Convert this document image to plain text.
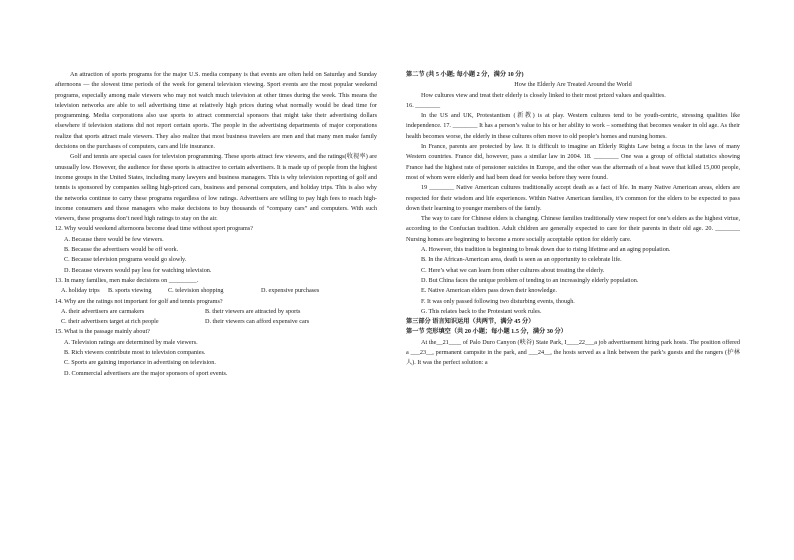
An attraction of sports programs for the major U.S. media company is that events are often held on Saturday and Sunday afternoons — the slowest time periods of the week for general television viewing. Sport events are the most popular weekend programs, especially among male viewers who may not watch much television at other times during the week. This means the television networks are able to sell advertising time at relatively high prices during what normally would be dead time for programming. Media corporations also use sports to attract commercial sponsors that might take their advertising dollars elsewhere if television stations did not report certain sports. The people in the advertising departments of major corporations realize that sports attract male viewers. They also realize that most business travelers are men and that many men make family decisions on the purchases of computers, cars and life insurance.

Golf and tennis are special cases for television programming. These sports attract few viewers, and the ratings(收视率) are unusually low. However, the audience for these sports is attractive to certain advertisers. It is made up of people from the highest income groups in the United States, including many lawyers and business managers. This is why television reporting of golf and tennis is sponsored by companies selling high-priced cars, business and personal computers, and holiday trips. This is also why the networks continue to carry these programs regardless of low ratings. Advertisers are willing to pay high fees to reach high-income consumers and those managers who make decisions to buy thousands of “company cars” and computers. With such viewers, these programs don’t need high ratings to stay on the air.

12. Why would weekend afternoons become dead time without sport programs?

A. Because there would be few viewers.

B. Because the advertisers would be off work.

C. Because television programs would go slowly.

D. Because viewers would pay less for watching television.

13. In many families, men make decisions on _________.

A. holiday trips	B. sports viewing	C. television shopping	D. expensive purchases

14. Why are the ratings not important for golf and tennis programs?

A. their advertisers are carmakers	B. their viewers are attracted by sports
C. their advertisers target at rich people	D. their viewers can afford expensive cars

15. What is the passage mainly about?

A. Television ratings are determined by male viewers.

B. Rich viewers contribute most to television companies.

C. Sports are gaining importance in advertising on television.

D. Commercial advertisers are the major sponsors of sport events.

第二节 (共 5 小题; 每小题 2 分，满分 10 分)

How the Elderly Are Treated Around the World

How cultures view and treat their elderly is closely linked to their most prized values and qualities.

16. ________

In the US and UK, Protestantism (新教) is at play. Western cultures tend to be youth-centric, stressing qualities like independence. 17. ________ It has a person’s value to his or her ability to work – something that becomes weaker in old age. As their health becomes worse, the elderly in these cultures often move to old people’s homes and nursing homes.

In France, parents are protected by law. It is difficult to imagine an Elderly Rights Law being a focus in the laws of many Western countries. France did, however, pass a similar law in 2004. 18. ________ One was a group of official statistics showing France had the highest rate of pensioner suicides in Europe, and the other was the aftermath of a heat wave that killed 15,000 people, most of whom were elderly and had been dead for weeks before they were found.

19 ________ Native American cultures traditionally accept death as a fact of life. In many Native American areas, elders are respected for their wisdom and life experiences. Within Native American families, it’s common for the elders to be expected to pass down their learning to younger members of the family.

The way to care for Chinese elders is changing. Chinese families traditionally view respect for one’s elders as the highest virtue, according to the Confucian tradition. Adult children are generally expected to care for their parents in their old age. 20. ________ Nursing homes are beginning to become a more socially acceptable option for elderly care.

A. However, this tradition is beginning to break down due to rising lifetime and an aging population.

B. In the African-American area, death is seen as an opportunity to celebrate life.

C. Here’s what we can learn from other cultures about treating the elderly.

D. But China faces the unique problem of tending to an increasingly elderly population.

E. Native American elders pass down their knowledge.

F. It was only passed following two disturbing events, though.

G. This relates back to the Protestant work rules.

第三部分 语言知识运用（共两节，满分 45 分）

第一节 完形填空（共 20 小题；每小题 1.5 分，满分 30 分）

At the__21____ of Palo Duro Canyon (峡谷) State Park, I____22___a job advertisement hiring park hosts. The position offered a ___23__, permanent campsite in the park, and ___24__, the hosts served as a link between the park’s guests and the rangers (护林人). It was the perfect solution: a
